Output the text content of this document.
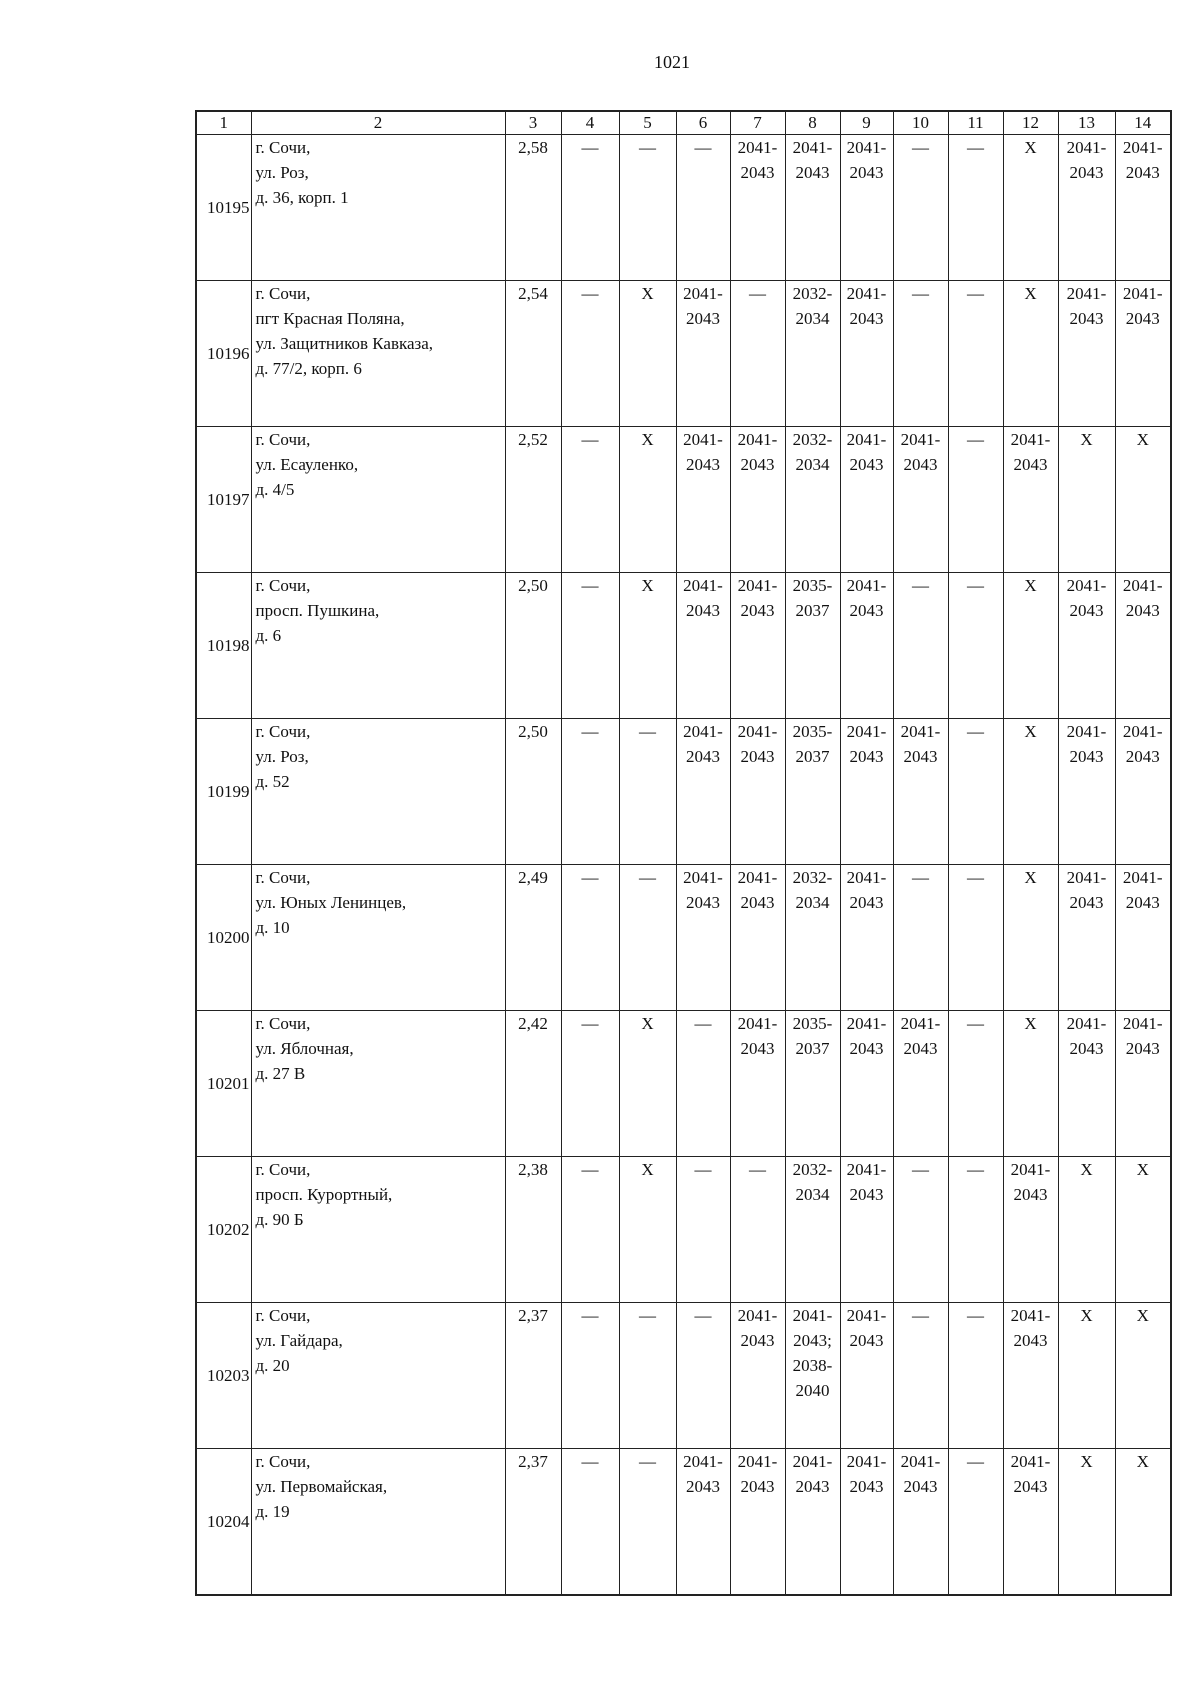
1021
1	2	3	4	5	6	7	8	9	10	11	12	13	14
10195	г. Сочи,
ул. Роз,
д. 36, корп. 1	2,58	—	—	—	2041-
2043	2041-
2043	2041-
2043	—	—	Х	2041-
2043	2041-
2043

10196	г. Сочи,
пгт Красная Поляна,
ул. Защитников Кавказа,
д. 77/2, корп. 6	2,54	—	Х	2041-
2043	—	2032-
2034	2041-
2043	—	—	Х	2041-
2043	2041-
2043

10197	г. Сочи,
ул. Есауленко,
д. 4/5	2,52	—	Х	2041-
2043	2041-
2043	2032-
2034	2041-
2043	2041-
2043	—	2041-
2043	Х	Х

10198	г. Сочи,
просп. Пушкина,
д. 6	2,50	—	Х	2041-
2043	2041-
2043	2035-
2037	2041-
2043	—	—	Х	2041-
2043	2041-
2043

10199	г. Сочи,
ул. Роз,
д. 52	2,50	—	—	2041-
2043	2041-
2043	2035-
2037	2041-
2043	2041-
2043	—	Х	2041-
2043	2041-
2043

10200	г. Сочи,
ул. Юных Ленинцев,
д. 10	2,49	—	—	2041-
2043	2041-
2043	2032-
2034	2041-
2043	—	—	Х	2041-
2043	2041-
2043

10201	г. Сочи,
ул. Яблочная,
д. 27 В	2,42	—	Х	—	2041-
2043	2035-
2037	2041-
2043	2041-
2043	—	Х	2041-
2043	2041-
2043

10202	г. Сочи,
просп. Курортный,
д. 90 Б	2,38	—	Х	—	—	2032-
2034	2041-
2043	—	—	2041-
2043	Х	Х

10203	г. Сочи,
ул. Гайдара,
д. 20	2,37	—	—	—	2041-
2043	2041-
2043;
2038-
2040	2041-
2043	—	—	2041-
2043	Х	Х

10204	г. Сочи,
ул. Первомайская,
д. 19	2,37	—	—	2041-
2043	2041-
2043	2041-
2043	2041-
2043	2041-
2043	—	2041-
2043	Х	Х
